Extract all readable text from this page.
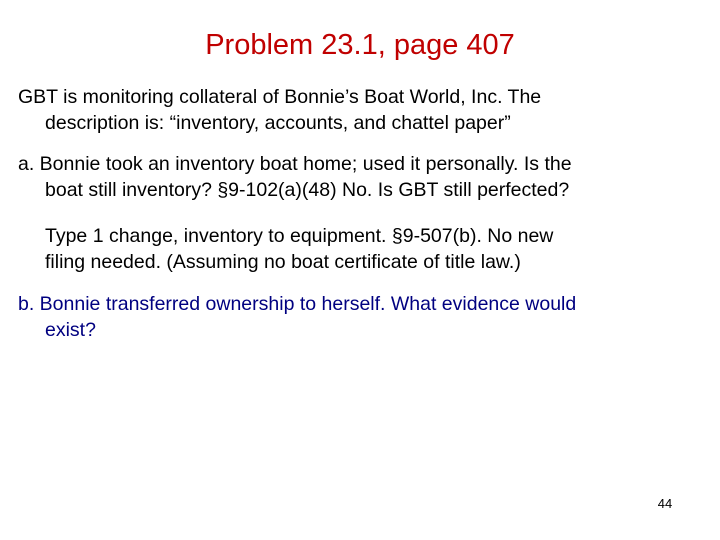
Problem 23.1, page 407
GBT is monitoring collateral of Bonnie’s Boat World, Inc. The
description is: “inventory, accounts, and chattel paper”
a. Bonnie took an inventory boat home; used it personally. Is the
boat still inventory? §9-102(a)(48) No. Is GBT still perfected?
Type 1 change, inventory to equipment. §9-507(b). No new
filing needed. (Assuming no boat certificate of title law.)
b. Bonnie transferred ownership to herself. What evidence would
exist?
44
